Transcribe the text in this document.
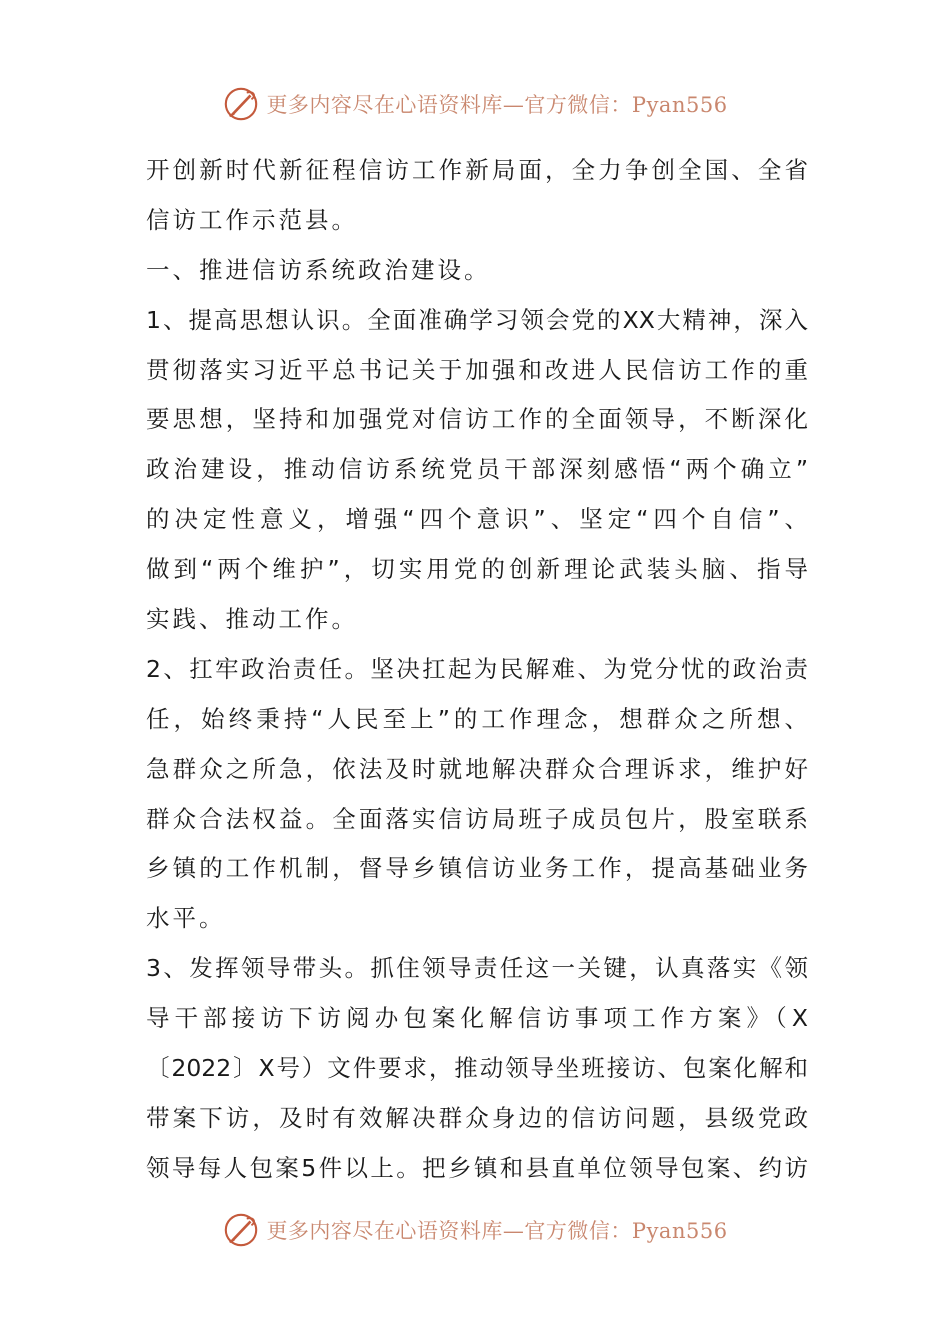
更多内容尽在心语资料库—官方微信：Pyan556
开创新时代新征程信访工作新局面，全力争创全国、全省
信访工作示范县。
一、推进信访系统政治建设。
1、提高思想认识。全面准确学习领会党的XX大精神，深入
贯彻落实习近平总书记关于加强和改进人民信访工作的重
要思想，坚持和加强党对信访工作的全面领导，不断深化
政治建设，推动信访系统党员干部深刻感悟“两个确立”
的决定性意义，增强“四个意识”、坚定“四个自信”、
做到“两个维护”，切实用党的创新理论武装头脑、指导
实践、推动工作。
2、扛牢政治责任。坚决扛起为民解难、为党分忧的政治责
任，始终秉持“人民至上”的工作理念，想群众之所想、
急群众之所急，依法及时就地解决群众合理诉求，维护好
群众合法权益。全面落实信访局班子成员包片，股室联系
乡镇的工作机制，督导乡镇信访业务工作，提高基础业务
水平。
3、发挥领导带头。抓住领导责任这一关键，认真落实《领
导干部接访下访阅办包案化解信访事项工作方案》（X
〔2022〕X号）文件要求，推动领导坐班接访、包案化解和
带案下访，及时有效解决群众身边的信访问题，县级党政
领导每人包案5件以上。把乡镇和县直单位领导包案、约访
更多内容尽在心语资料库—官方微信：Pyan556
